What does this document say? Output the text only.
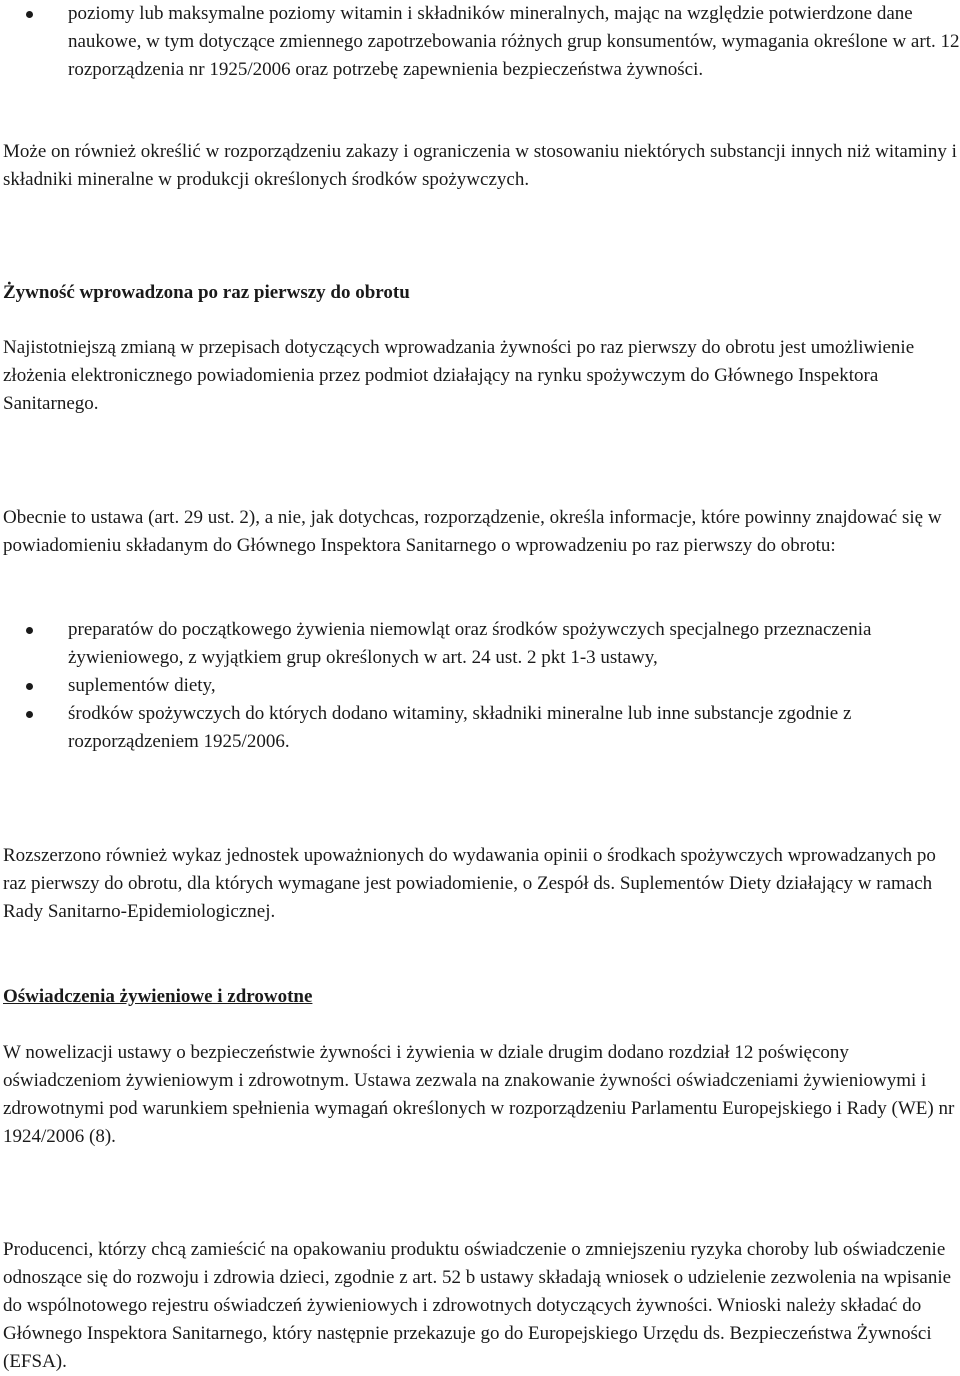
poziomy lub maksymalne poziomy witamin i składników mineralnych, mając na względzie potwierdzone dane naukowe, w tym dotyczące zmiennego zapotrzebowania różnych grup konsumentów, wymagania określone w art. 12 rozporządzenia nr 1925/2006 oraz potrzebę zapewnienia bezpieczeństwa żywności.

Może on również określić w rozporządzeniu zakazy i ograniczenia w stosowaniu niektórych substancji innych niż witaminy i składniki mineralne w produkcji określonych środków spożywczych.

Żywność wprowadzona po raz pierwszy do obrotu

Najistotniejszą zmianą w przepisach dotyczących wprowadzania żywności po raz pierwszy do obrotu jest umożliwienie złożenia elektronicznego powiadomienia przez podmiot działający na rynku spożywczym do Głównego Inspektora Sanitarnego.

Obecnie to ustawa (art. 29 ust. 2), a nie, jak dotychcas, rozporządzenie, określa informacje, które powinny znajdować się w powiadomieniu składanym do Głównego Inspektora Sanitarnego o wprowadzeniu po raz pierwszy do obrotu:

preparatów do początkowego żywienia niemowląt oraz środków spożywczych specjalnego przeznaczenia żywieniowego, z wyjątkiem grup określonych w art. 24 ust. 2 pkt 1-3 ustawy,
suplementów diety,
środków spożywczych do których dodano witaminy, składniki mineralne lub inne substancje zgodnie z rozporządzeniem 1925/2006.

Rozszerzono również wykaz jednostek upoważnionych do wydawania opinii o środkach spożywczych wprowadzanych po raz pierwszy do obrotu, dla których wymagane jest powiadomienie, o Zespół ds. Suplementów Diety działający w ramach Rady Sanitarno-Epidemiologicznej.

Oświadczenia żywieniowe i zdrowotne

W nowelizacji ustawy o bezpieczeństwie żywności i żywienia w dziale drugim dodano rozdział 12 poświęcony oświadczeniom żywieniowym i zdrowotnym. Ustawa zezwala na znakowanie żywności oświadczeniami żywieniowymi i zdrowotnymi pod warunkiem spełnienia wymagań określonych w rozporządzeniu Parlamentu Europejskiego i Rady (WE) nr 1924/2006 (8).

Producenci, którzy chcą zamieścić na opakowaniu produktu oświadczenie o zmniejszeniu ryzyka choroby lub oświadczenie odnoszące się do rozwoju i zdrowia dzieci, zgodnie z art. 52 b ustawy składają wniosek o udzielenie zezwolenia na wpisanie do wspólnotowego rejestru oświadczeń żywieniowych i zdrowotnych dotyczących żywności. Wnioski należy składać do Głównego Inspektora Sanitarnego, który następnie przekazuje go do Europejskiego Urzędu ds. Bezpieczeństwa Żywności (EFSA).
